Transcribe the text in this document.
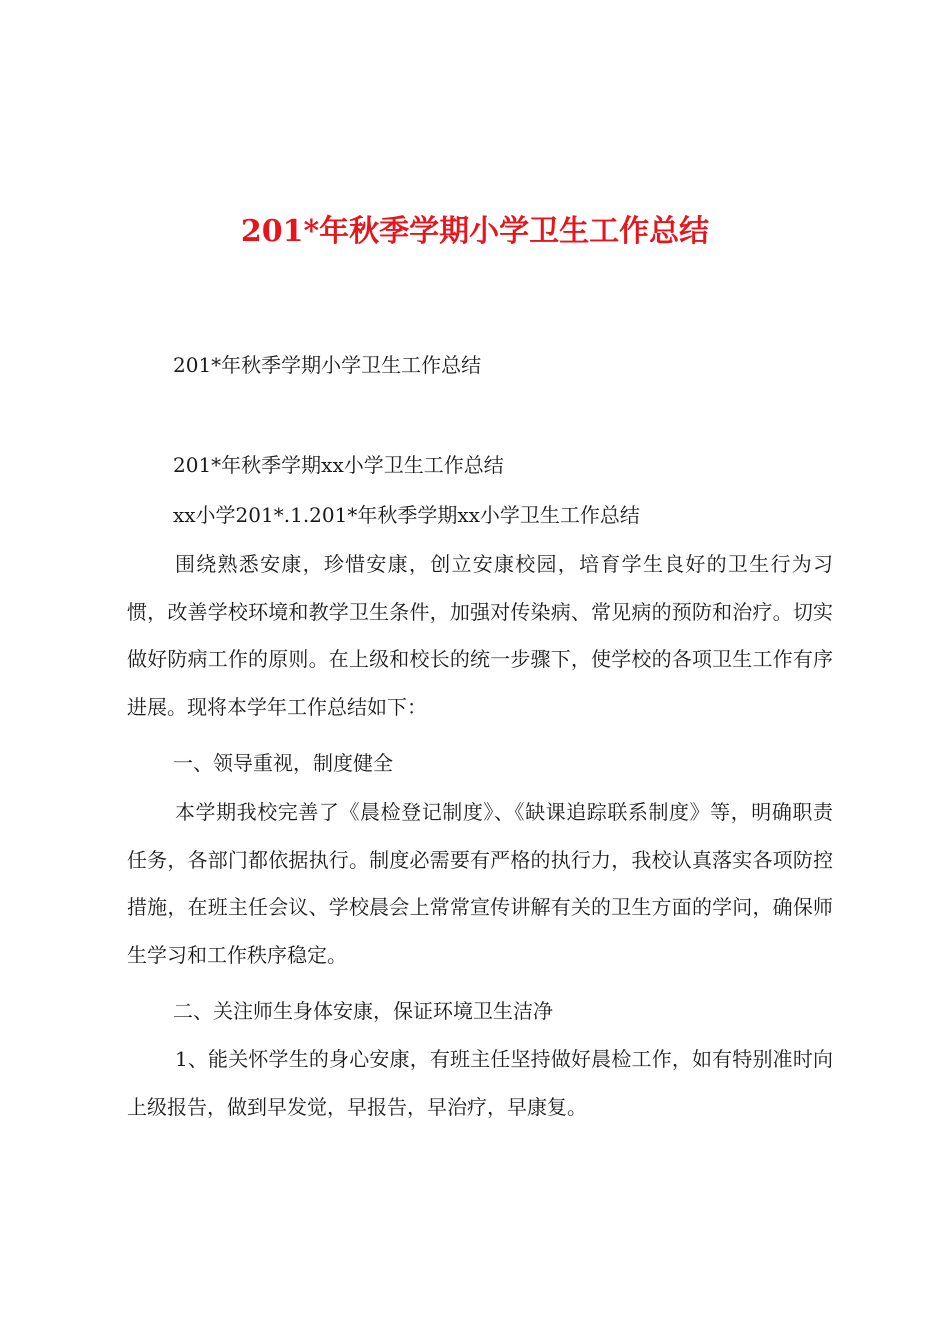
201*年秋季学期小学卫生工作总结

201*年秋季学期小学卫生工作总结

201*年秋季学期xx小学卫生工作总结

xx小学201*.1.201*年秋季学期xx小学卫生工作总结

围绕熟悉安康，珍惜安康，创立安康校园，培育学生良好的卫生行为习惯，改善学校环境和教学卫生条件，加强对传染病、常见病的预防和治疗。切实做好防病工作的原则。在上级和校长的统一步骤下，使学校的各项卫生工作有序进展。现将本学年工作总结如下：

一、领导重视，制度健全

本学期我校完善了《晨检登记制度》、《缺课追踪联系制度》等，明确职责任务，各部门都依据执行。制度必需要有严格的执行力，我校认真落实各项防控措施，在班主任会议、学校晨会上常常宣传讲解有关的卫生方面的学问，确保师生学习和工作秩序稳定。

二、关注师生身体安康，保证环境卫生洁净

1、能关怀学生的身心安康，有班主任坚持做好晨检工作，如有特别准时向上级报告，做到早发觉，早报告，早治疗，早康复。
